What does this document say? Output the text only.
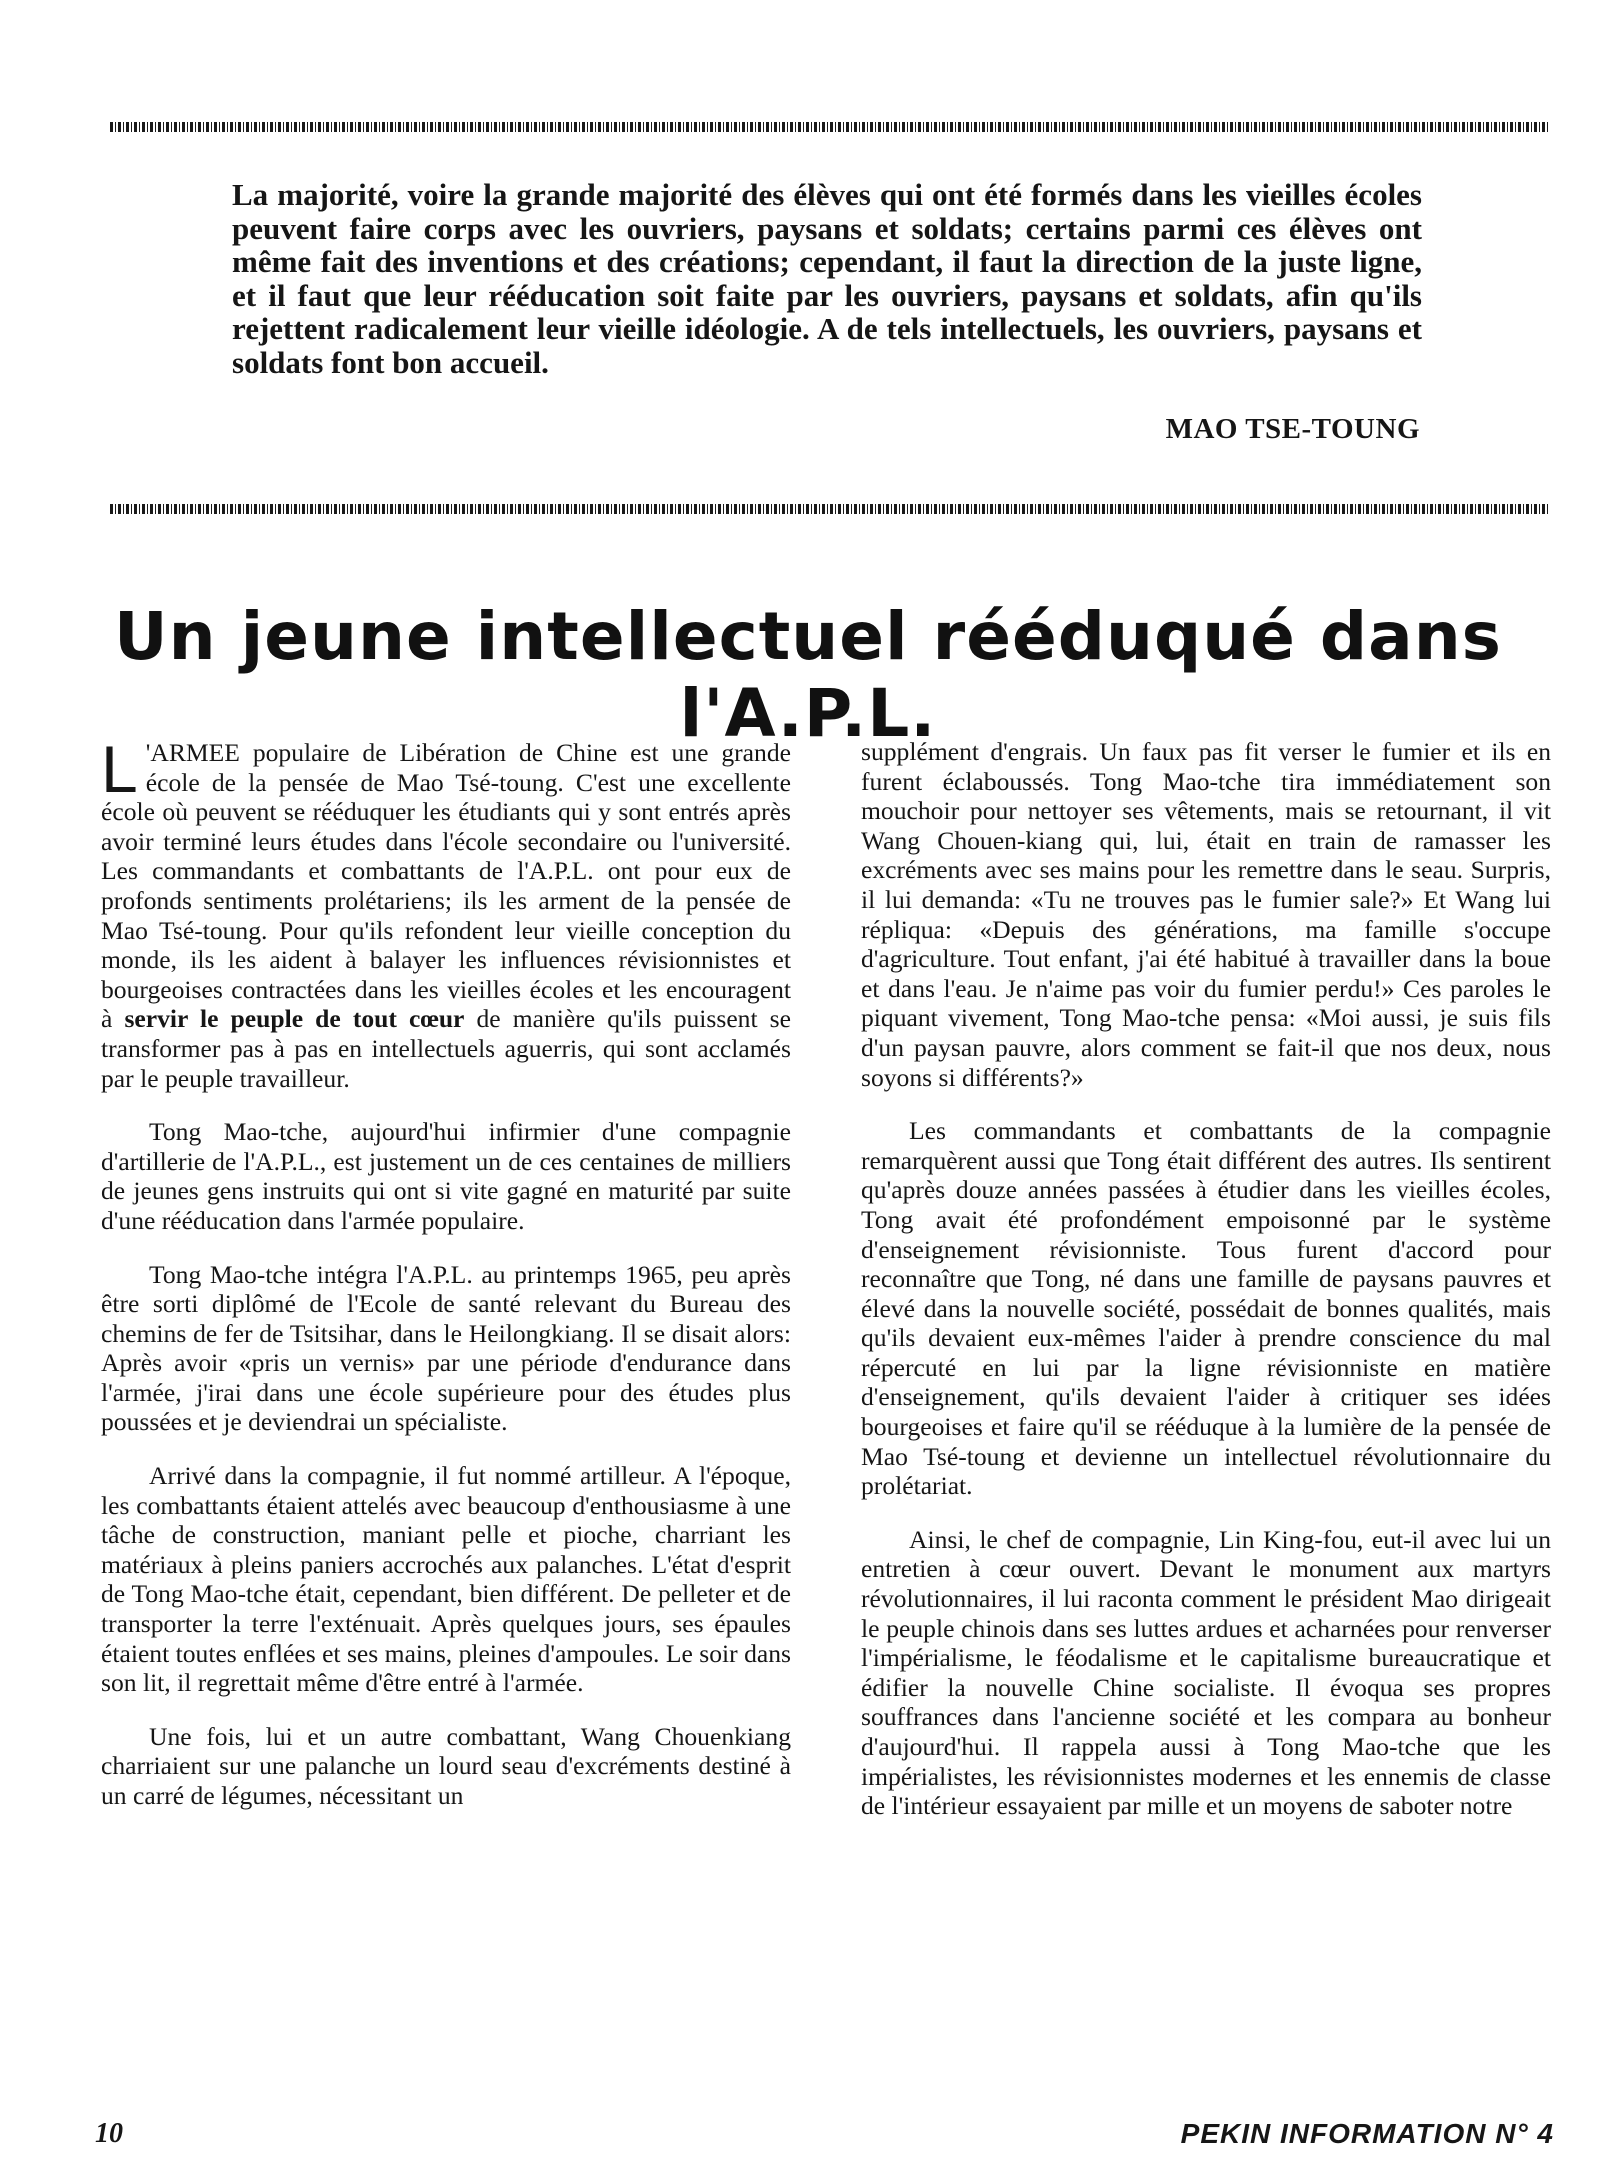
La majorité, voire la grande majorité des élèves qui ont été formés dans les vieilles écoles peuvent faire corps avec les ouvriers, paysans et soldats; certains parmi ces élèves ont même fait des inventions et des créations; cependant, il faut la direction de la juste ligne, et il faut que leur rééducation soit faite par les ouvriers, paysans et soldats, afin qu'ils rejettent radicalement leur vieille idéologie. A de tels intellectuels, les ouvriers, paysans et soldats font bon accueil.
MAO TSE-TOUNG
Un jeune intellectuel rééduqué dans l'A.P.L.

L 'ARMEE populaire de Libération de Chine est une grande école de la pensée de Mao Tsé-toung. C'est une excellente école où peuvent se rééduquer les étudiants qui y sont entrés après avoir terminé leurs études dans l'école secondaire ou l'université. Les commandants et combattants de l'A.P.L. ont pour eux de profonds sentiments prolétariens; ils les arment de la pensée de Mao Tsé-toung. Pour qu'ils refondent leur vieille conception du monde, ils les aident à balayer les influences révisionnistes et bourgeoises contractées dans les vieilles écoles et les encouragent à servir le peuple de tout cœur de manière qu'ils puissent se transformer pas à pas en intellectuels aguerris, qui sont acclamés par le peuple travailleur.

Tong Mao-tche, aujourd'hui infirmier d'une compagnie d'artillerie de l'A.P.L., est justement un de ces centaines de milliers de jeunes gens instruits qui ont si vite gagné en maturité par suite d'une rééducation dans l'armée populaire.

Tong Mao-tche intégra l'A.P.L. au printemps 1965, peu après être sorti diplômé de l'Ecole de santé relevant du Bureau des chemins de fer de Tsitsihar, dans le Heilongkiang. Il se disait alors: Après avoir «pris un vernis» par une période d'endurance dans l'armée, j'irai dans une école supérieure pour des études plus poussées et je deviendrai un spécialiste.

Arrivé dans la compagnie, il fut nommé artilleur. A l'époque, les combattants étaient attelés avec beaucoup d'enthousiasme à une tâche de construction, maniant pelle et pioche, charriant les matériaux à pleins paniers accrochés aux palanches. L'état d'esprit de Tong Mao-tche était, cependant, bien différent. De pelleter et de transporter la terre l'exténuait. Après quelques jours, ses épaules étaient toutes enflées et ses mains, pleines d'ampoules. Le soir dans son lit, il regrettait même d'être entré à l'armée.

Une fois, lui et un autre combattant, Wang Chouenkiang charriaient sur une palanche un lourd seau d'excréments destiné à un carré de légumes, nécessitant un

supplément d'engrais. Un faux pas fit verser le fumier et ils en furent éclaboussés. Tong Mao-tche tira immédiatement son mouchoir pour nettoyer ses vêtements, mais se retournant, il vit Wang Chouen-kiang qui, lui, était en train de ramasser les excréments avec ses mains pour les remettre dans le seau. Surpris, il lui demanda: «Tu ne trouves pas le fumier sale?» Et Wang lui répliqua: «Depuis des générations, ma famille s'occupe d'agriculture. Tout enfant, j'ai été habitué à travailler dans la boue et dans l'eau. Je n'aime pas voir du fumier perdu!» Ces paroles le piquant vivement, Tong Mao-tche pensa: «Moi aussi, je suis fils d'un paysan pauvre, alors comment se fait-il que nos deux, nous soyons si différents?»

Les commandants et combattants de la compagnie remarquèrent aussi que Tong était différent des autres. Ils sentirent qu'après douze années passées à étudier dans les vieilles écoles, Tong avait été profondément empoisonné par le système d'enseignement révisionniste. Tous furent d'accord pour reconnaître que Tong, né dans une famille de paysans pauvres et élevé dans la nouvelle société, possédait de bonnes qualités, mais qu'ils devaient eux-mêmes l'aider à prendre conscience du mal répercuté en lui par la ligne révisionniste en matière d'enseignement, qu'ils devaient l'aider à critiquer ses idées bourgeoises et faire qu'il se rééduque à la lumière de la pensée de Mao Tsé-toung et devienne un intellectuel révolutionnaire du prolétariat.

Ainsi, le chef de compagnie, Lin King-fou, eut-il avec lui un entretien à cœur ouvert. Devant le monument aux martyrs révolutionnaires, il lui raconta comment le président Mao dirigeait le peuple chinois dans ses luttes ardues et acharnées pour renverser l'impérialisme, le féodalisme et le capitalisme bureaucratique et édifier la nouvelle Chine socialiste. Il évoqua ses propres souffrances dans l'ancienne société et les compara au bonheur d'aujourd'hui. Il rappela aussi à Tong Mao-tche que les impérialistes, les révisionnistes modernes et les ennemis de classe de l'intérieur essayaient par mille et un moyens de saboter notre

10	PEKIN INFORMATION N° 4
